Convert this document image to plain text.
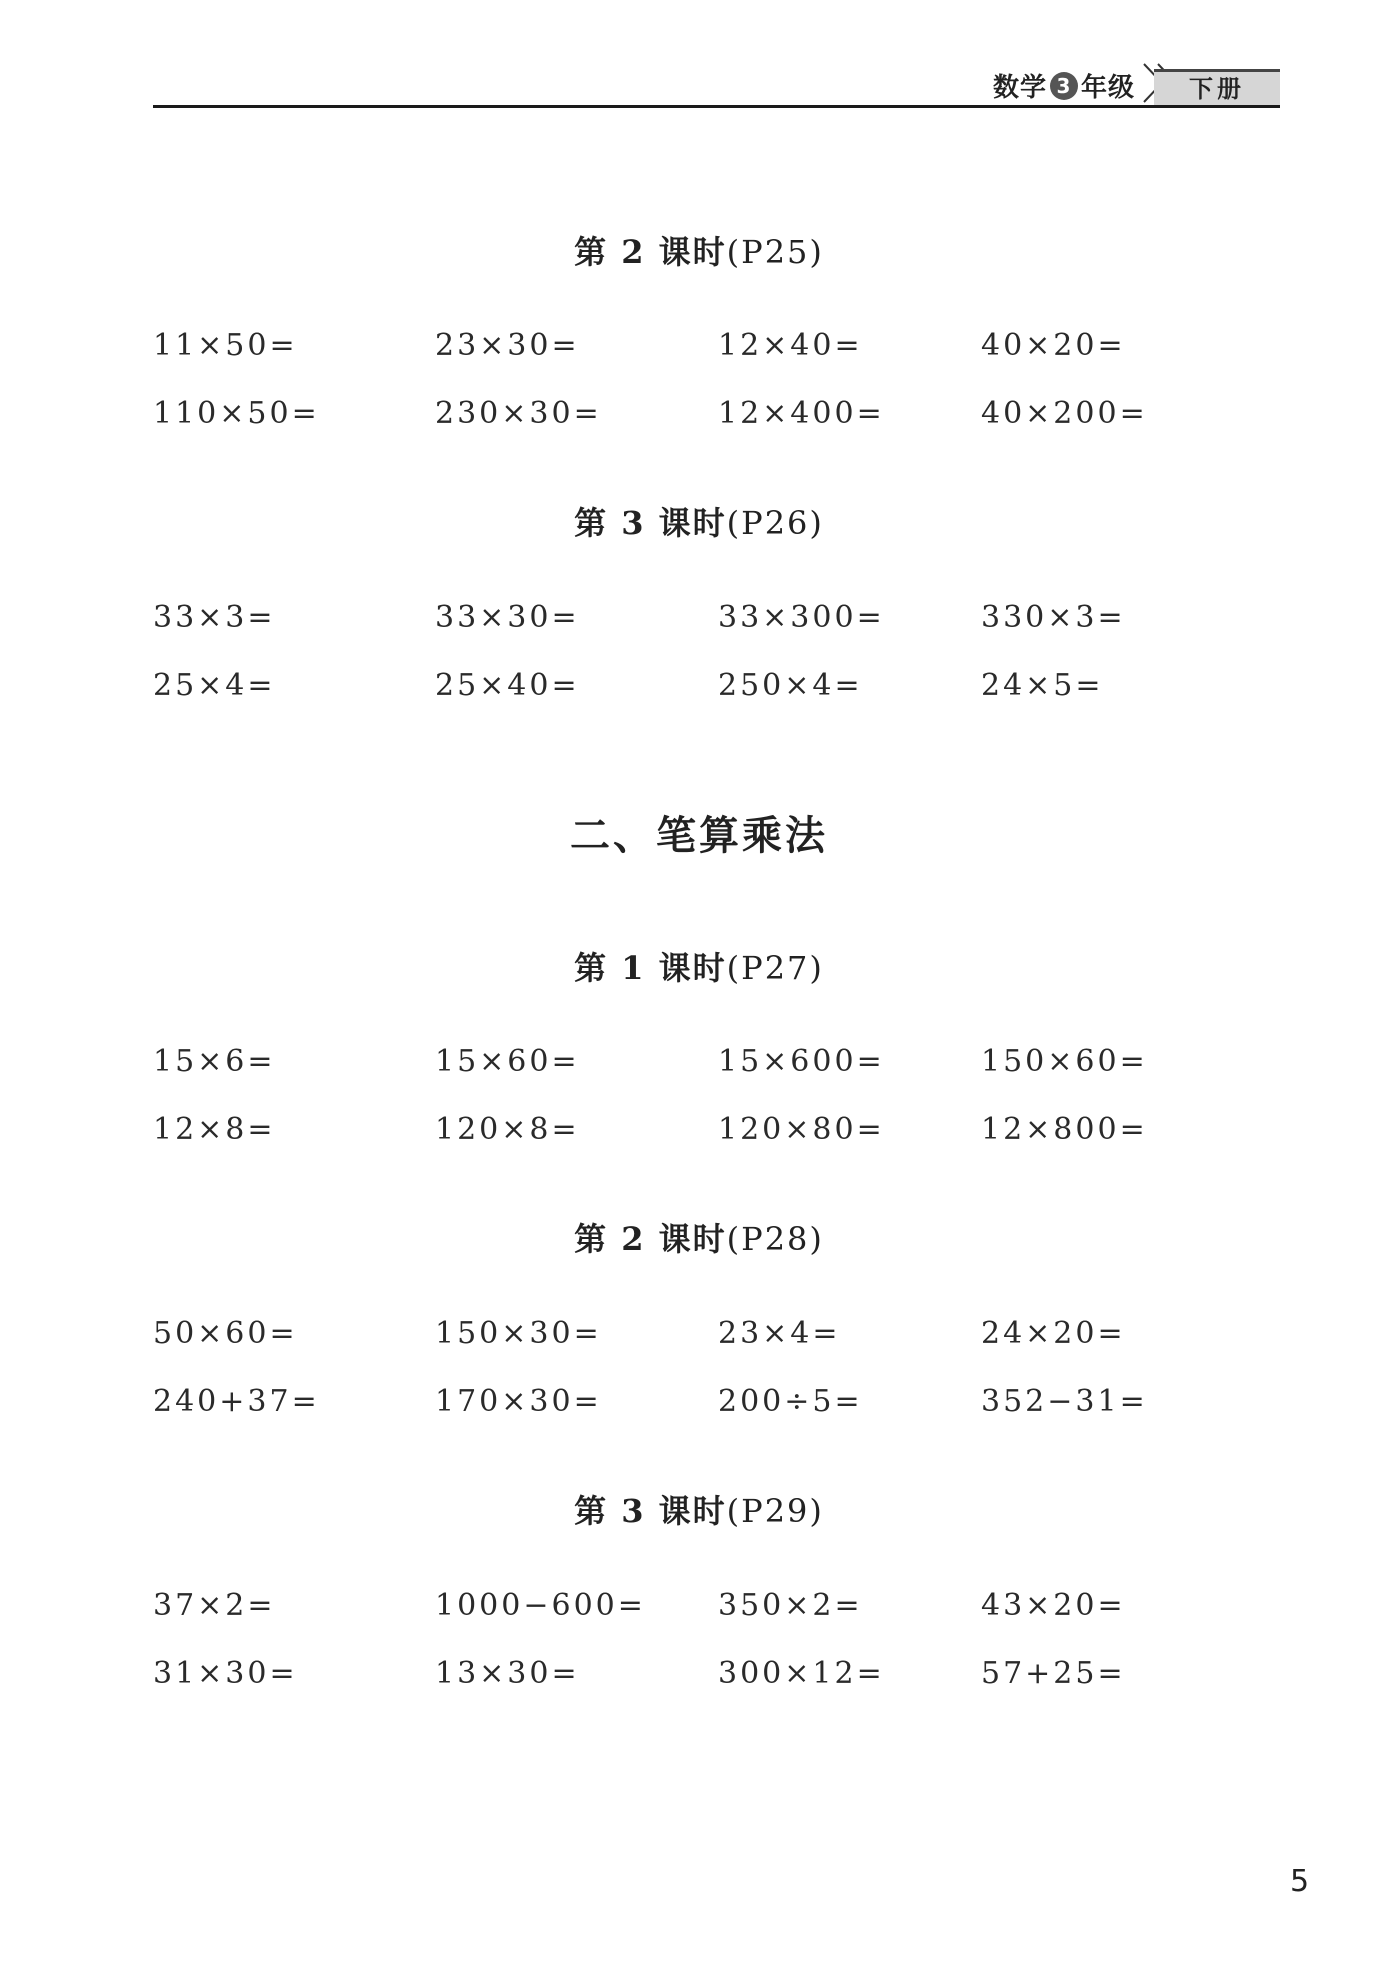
数学 3 年级	下册
第 2 课时(P25)
11×50=	23×30=	12×40=	40×20=
110×50=	230×30=	12×400=	40×200=
第 3 课时(P26)
33×3=	33×30=	33×300=	330×3=
25×4=	25×40=	250×4=	24×5=
二、笔算乘法
第 1 课时(P27)
15×6=	15×60=	15×600=	150×60=
12×8=	120×8=	120×80=	12×800=
第 2 课时(P28)
50×60=	150×30=	23×4=	24×20=
240+37=	170×30=	200÷5=	352−31=
第 3 课时(P29)
37×2=	1000−600= 350×2=	43×20=
31×30=	13×30=	300×12=	57+25=
5
